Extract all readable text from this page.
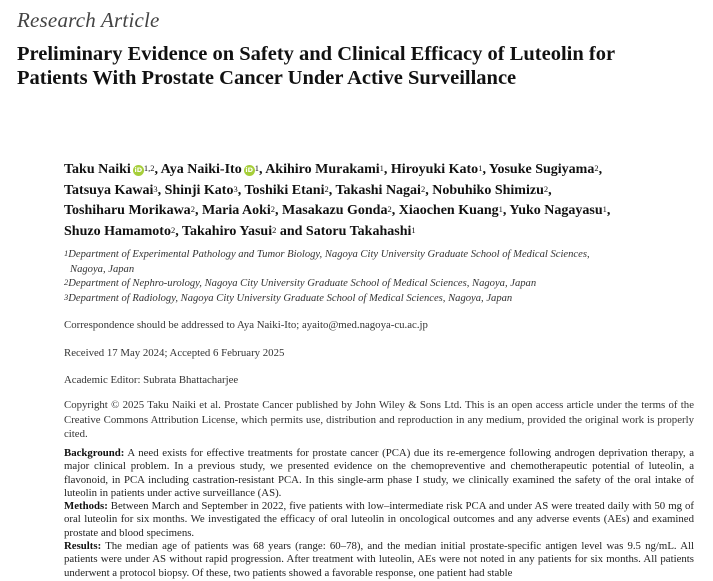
Research Article
Preliminary Evidence on Safety and Clinical Efficacy of Luteolin for Patients With Prostate Cancer Under Active Surveillance
Taku Naiki iD $^{1,2}$, Aya Naiki-Ito iD $^1$, Akihiro Murakami$^1$, Hiroyuki Kato$^1$, Yosuke Sugiyama$^2$, Tatsuya Kawai$^3$, Shinji Kato$^3$, Toshiki Etani$^2$, Takashi Nagai$^2$, Nobuhiko Shimizu$^2$, Toshiharu Morikawa$^2$, Maria Aoki$^2$, Masakazu Gonda$^2$, Xiaochen Kuang$^1$, Yuko Nagayasu$^1$, Shuzo Hamamoto$^2$, Takahiro Yasui$^2$ and Satoru Takahashi$^1$

$^1$Department of Experimental Pathology and Tumor Biology, Nagoya City University Graduate School of Medical Sciences,
Nagoya, Japan

$^2$Department of Nephro-urology, Nagoya City University Graduate School of Medical Sciences, Nagoya, Japan

$^3$Department of Radiology, Nagoya City University Graduate School of Medical Sciences, Nagoya, Japan

Correspondence should be addressed to Aya Naiki-Ito; ayaito@med.nagoya-cu.ac.jp
Received 17 May 2024; Accepted 6 February 2025
Academic Editor: Subrata Bhattacharjee
Copyright © 2025 Taku Naiki et al. Prostate Cancer published by John Wiley & Sons Ltd. This is an open access article under the terms of the Creative Commons Attribution License, which permits use, distribution and reproduction in any medium, provided the original work is properly cited.

Background: A need exists for effective treatments for prostate cancer (PCA) due its re-emergence following androgen deprivation therapy, a major clinical problem. In a previous study, we presented evidence on the chemopreventive and chemotherapeutic potential of luteolin, a flavonoid, in PCA including castration-resistant PCA. In this single-arm phase I study, we clinically examined the safety of the oral intake of luteolin in patients under active surveillance (AS).

Methods: Between March and September in 2022, five patients with low–intermediate risk PCA and under AS were treated daily with 50 mg of oral luteolin for six months. We investigated the efficacy of oral luteolin in oncological outcomes and any adverse events (AEs) and examined prostate and blood specimens.

Results: The median age of patients was 68 years (range: 60–78), and the median initial prostate-specific antigen level was 9.5 ng/mL. All patients were under AS without rapid progression. After treatment with luteolin, AEs were not noted in any patients for six months. All patients underwent a protocol biopsy. Of these, two patients showed a favorable response, one patient had stable
